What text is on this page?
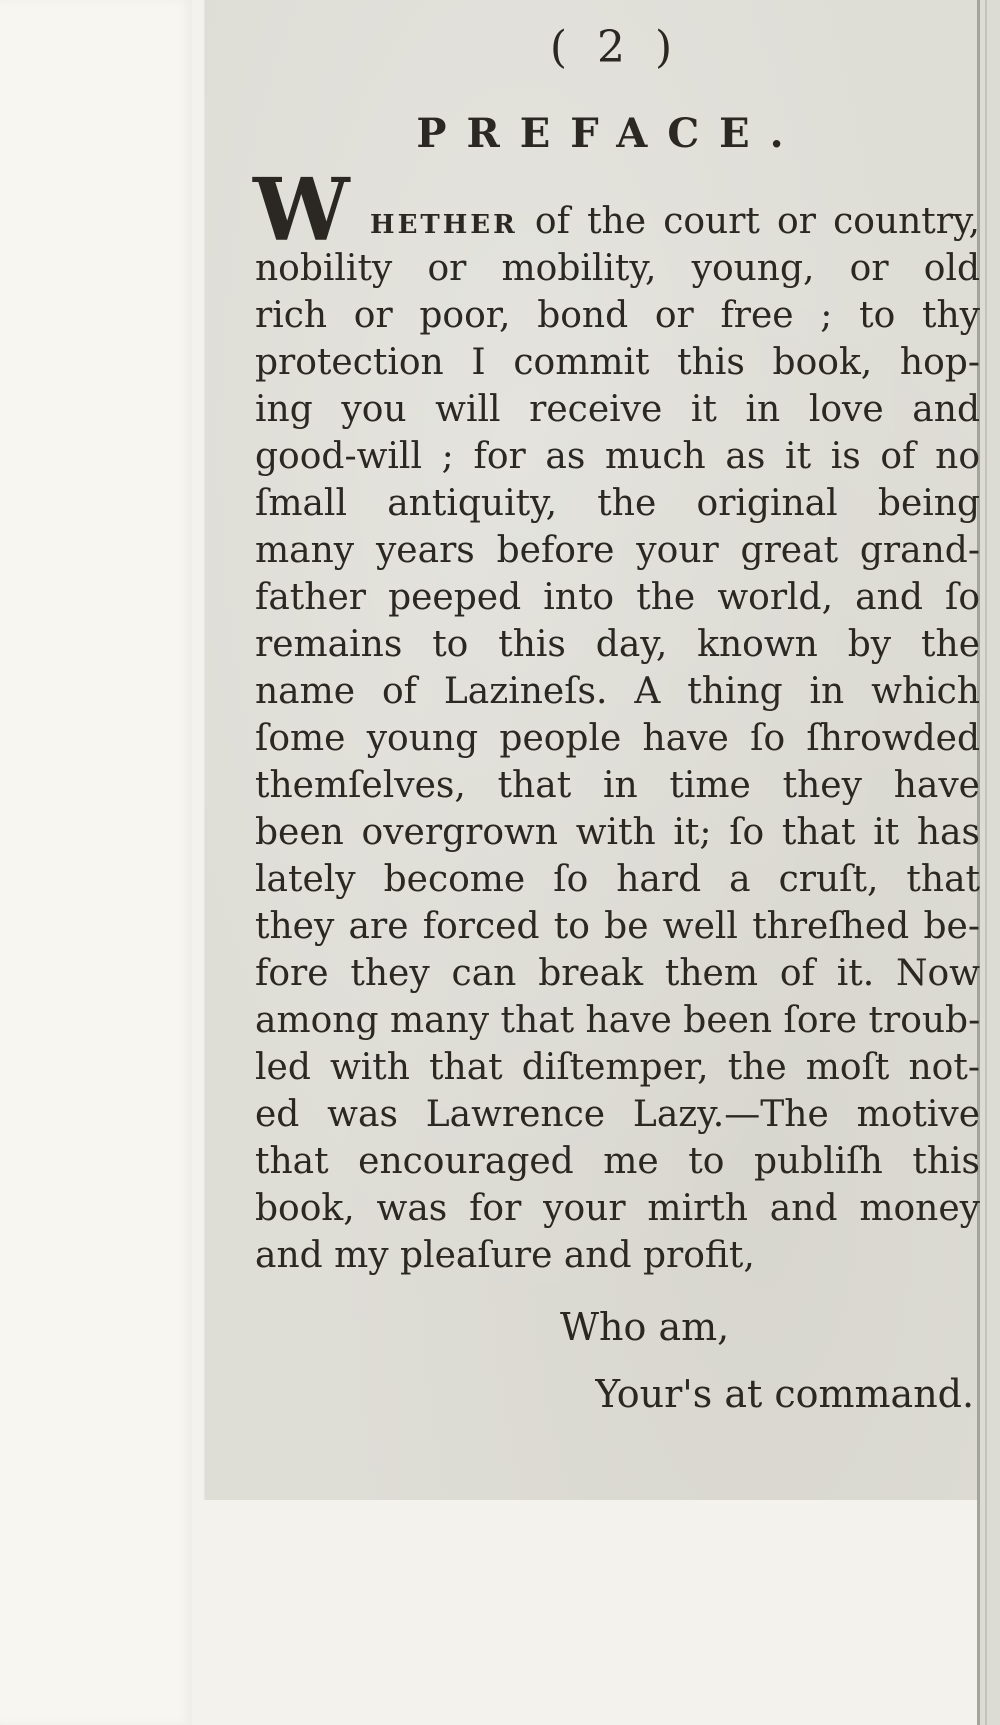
( 2 )
PREFACE.
W HETHER of the court or country,
nobility or mobility, young, or old
rich or poor, bond or free ; to thy
protection I commit this book, hop-
ing you will receive it in love and
good-will ; for as much as it is of no
ſmall antiquity, the original being
many years before your great grand-
father peeped into the world, and ſo
remains to this day, known by the
name of Lazineſs. A thing in which
ſome young people have ſo ſhrowded
themſelves, that in time they have
been overgrown with it; ſo that it has
lately become ſo hard a cruſt, that
they are forced to be well threſhed be-
fore they can break them of it. Now
among many that have been ſore troub-
led with that diſtemper, the moſt not-
ed was Lawrence Lazy.—The motive
that encouraged me to publiſh this
book, was for your mirth and money
and my pleaſure and profit,
Who am,
Your's at command.
